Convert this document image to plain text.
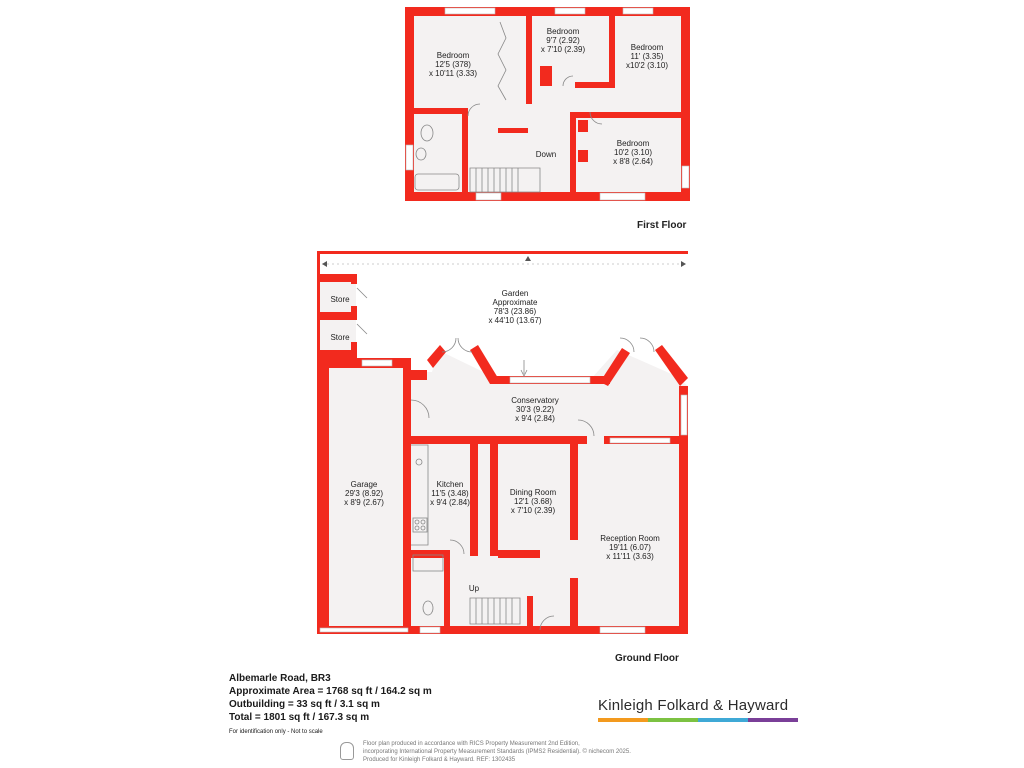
Bedroom
12'5 (378)
x 10'11 (3.33)
Bedroom
9'7 (2.92)
x 7'10 (2.39)	Bedroom
11' (3.35)
x10'2 (3.10)
Bedroom
10'2 (3.10)
x 8'8 (2.64)
Down
First Floor
Store
Store
Garden
Approximate
78'3 (23.86)
x 44'10 (13.67)
Conservatory
30'3 (9.22)
x 9'4 (2.84)
Garage
29'3 (8.92)
x 8'9 (2.67)
Kitchen
11'5 (3.48)
x 9'4 (2.84)
Dining Room
12'1 (3.68)
x 7'10 (2.39)
Reception Room
19'11 (6.07)
x 11'11 (3.63)
Up
Ground Floor
Albemarle Road, BR3
Approximate Area = 1768 sq ft / 164.2 sq m
Outbuilding = 33 sq ft / 3.1 sq m
Total = 1801 sq ft / 167.3 sq m
For identification only - Not to scale
Kinleigh Folkard & Hayward
Floor plan produced in accordance with RICS Property Measurement 2nd Edition,
incorporating International Property Measurement Standards (IPMS2 Residential). © nichecom 2025.
Produced for Kinleigh Folkard & Hayward. REF: 1302435
